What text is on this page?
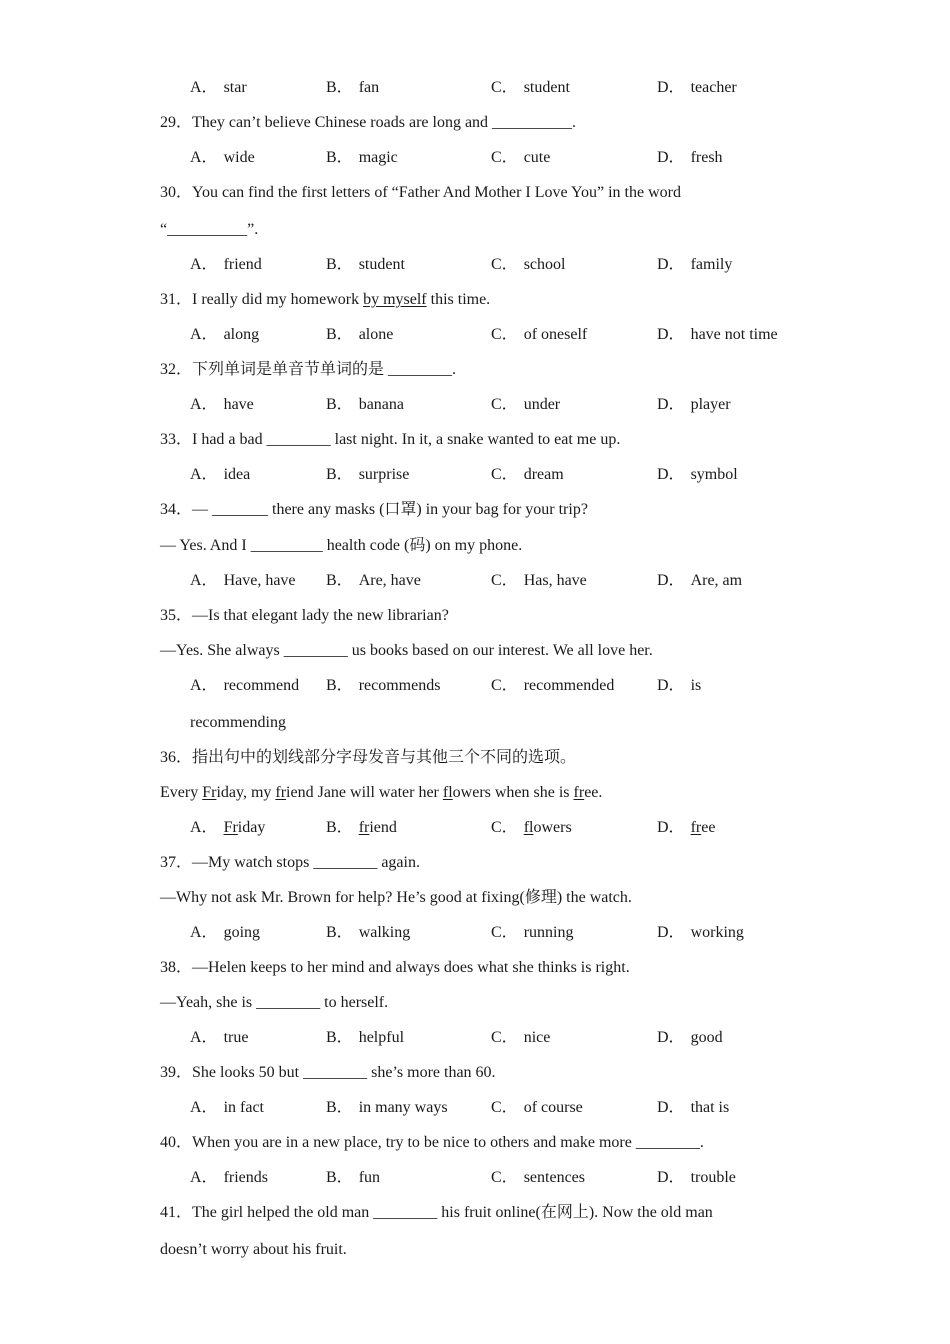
A． star	B． fan	C． student	D． teacher
29．They can’t believe Chinese roads are long and __________.
A． wide	B． magic	C． cute	D． fresh
30．You can find the first letters of “Father And Mother I Love You” in the word
“__________”.
A． friend	B． student	C． school	D． family
31．I really did my homework by myself this time.
A． along	B． alone	C． of oneself	D． have not time
32．下列单词是单音节单词的是 ________.
A． have	B． banana	C． under	D． player
33．I had a bad ________ last night. In it, a snake wanted to eat me up.
A． idea	B． surprise	C． dream	D． symbol
34．— _______ there any masks (口罩) in your bag for your trip?
— Yes. And I _________ health code (码) on my phone.
A． Have, have B． Are, have	C． Has, have	D． Are, am
35．—Is that elegant lady the new librarian?
—Yes. She always ________ us books based on our interest. We all love her.
A． recommend B． recommends	C． recommended	D． is
recommending
36．指出句中的划线部分字母发音与其他三个不同的选项。
Every Friday, my friend Jane will water her flowers when she is free.
A． Friday	B． friend	C． flowers	D． free
37．—My watch stops ________ again.
—Why not ask Mr. Brown for help? He’s good at fixing(修理) the watch.
A． going	B． walking	C． running	D． working
38．—Helen keeps to her mind and always does what she thinks is right.
—Yeah, she is ________ to herself.
A． true	B． helpful	C． nice	D． good
39．She looks 50 but ________ she’s more than 60.
A． in fact	B． in many ways	C． of course	D． that is
40．When you are in a new place, try to be nice to others and make more ________.
A． friends	B． fun	C． sentences	D． trouble
41．The girl helped the old man ________ his fruit online(在网上). Now the old man
doesn’t worry about his fruit.
